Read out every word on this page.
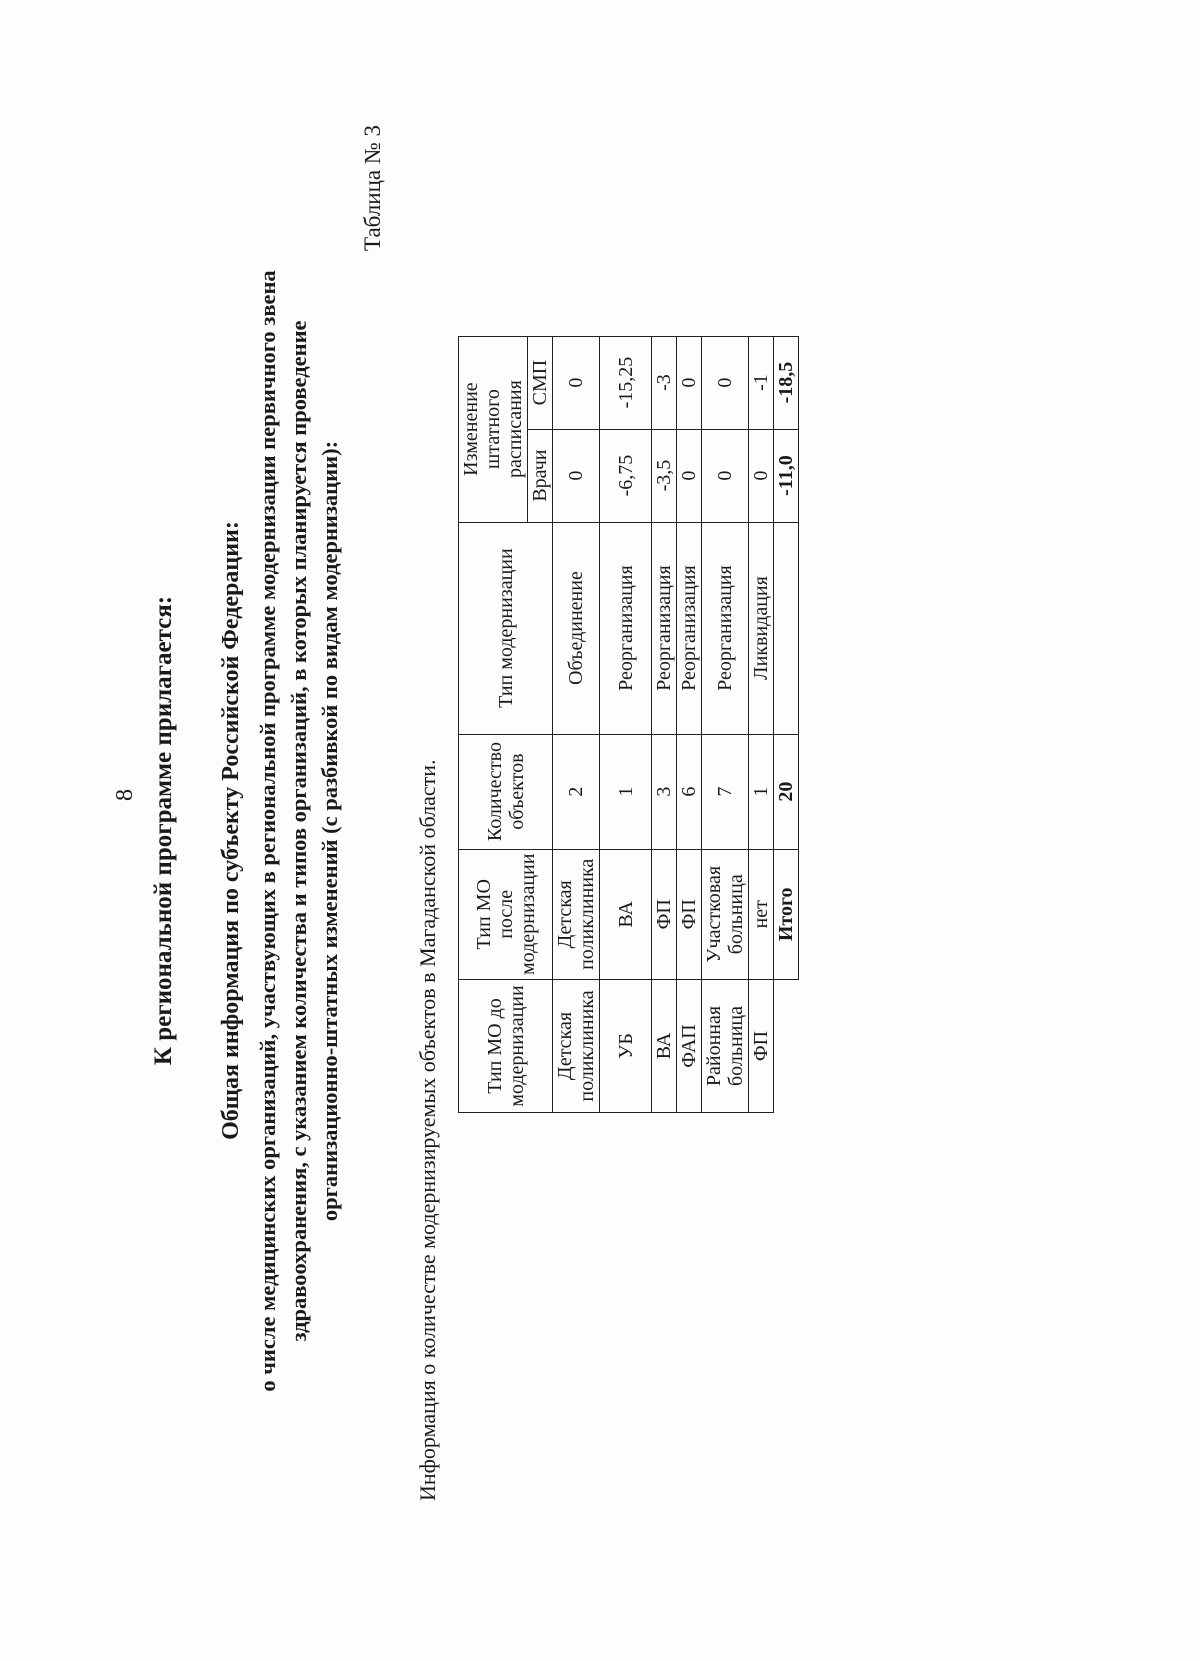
8 К региональной программе прилагается: Общая информация по субъекту Российской Федерации: о числе медицинских организаций, участвующих в региональной программе модернизации первичного звена здравоохранения, с указанием количества и типов организаций, в которых планируется проведение организационно-штатных изменений (с разбивкой по видам модернизации):
Таблица № 3
Информация о количестве модернизируемых объектов в Магаданской области. Тип МО до модернизации	Тип МО после модернизации	Количество объектов	Тип модернизации	Изменение штатного расписания	
				Врачи	СМП
Детская поликлиника	Детская поликлиника	2	Объединение	0	0
УБ	ВА	1	Реорганизация	-6,75	-15,25
ВА	ФП	3	Реорганизация	-3,5	-3
ФАП	ФП	6	Реорганизация	0	0
Районная больница	Участковая больница	7	Реорганизация	0	0
ФП	нет	1	Ликвидация	0	-1
	Итого	20		-11,0	-18,5
